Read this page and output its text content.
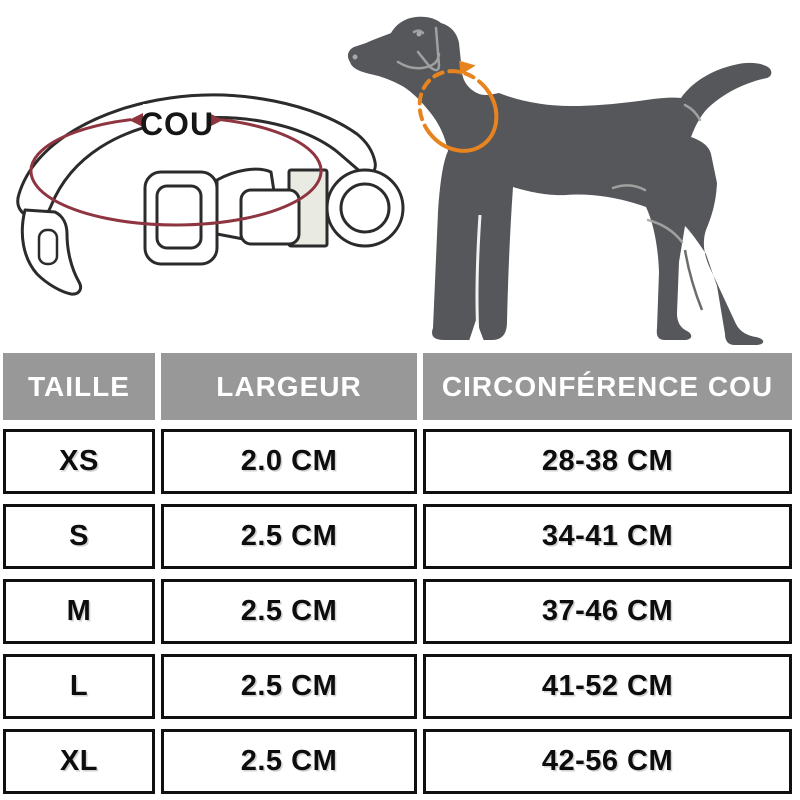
COU
TAILLE	LARGEUR	CIRCONFÉRENCE COU
XS	2.0 CM	28-38 CM
S	2.5 CM	34-41 CM
M	2.5 CM	37-46 CM
L	2.5 CM	41-52 CM
XL	2.5 CM	42-56 CM
